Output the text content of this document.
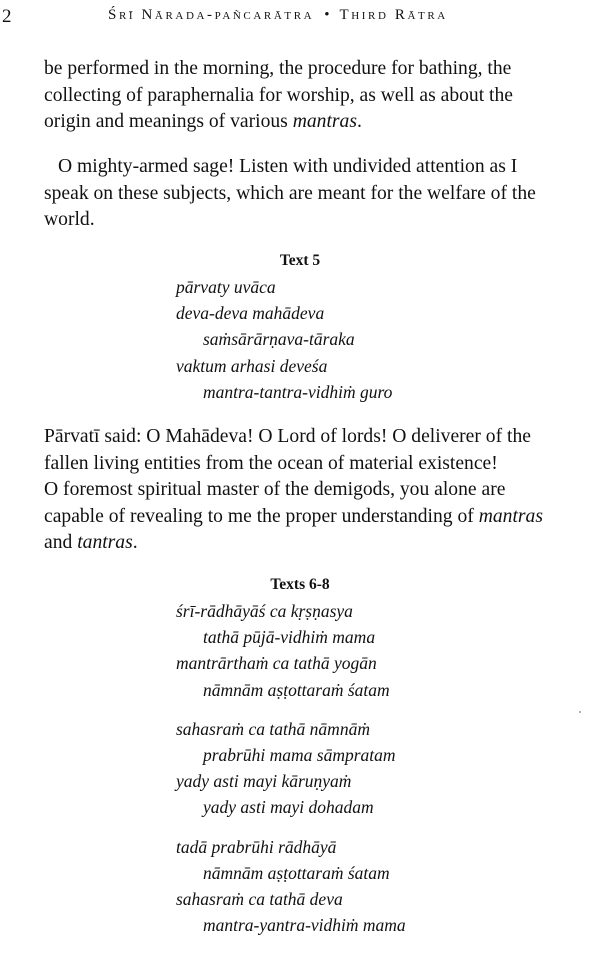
2	Śrī Nārada-pañcarātra • Third Rātra
be performed in the morning, the procedure for bathing, the
collecting of paraphernalia for worship, as well as about the
origin and meanings of various mantras.
O mighty-armed sage! Listen with undivided attention as I
speak on these subjects, which are meant for the welfare of the
world.
Text 5
pārvaty uvāca
deva-deva mahādeva
saṁsārārṇava-tāraka
vaktum arhasi deveśa
mantra-tantra-vidhiṁ guro
Pārvatī said: O Mahādeva! O Lord of lords! O deliverer of the
fallen living entities from the ocean of material existence!
O foremost spiritual master of the demigods, you alone are
capable of revealing to me the proper understanding of mantras
and tantras.
Texts 6-8
śrī-rādhāyāś ca kṛṣṇasya
tathā pūjā-vidhiṁ mama
mantrārthaṁ ca tathā yogān
nāmnām aṣṭottaraṁ śatam
sahasraṁ ca tathā nāmnāṁ
prabrūhi mama sāmpratam
yady asti mayi kāruṇyaṁ
yady asti mayi dohadam
tadā prabrūhi rādhāyā
nāmnām aṣṭottaraṁ śatam
sahasraṁ ca tathā deva
mantra-yantra-vidhiṁ mama
